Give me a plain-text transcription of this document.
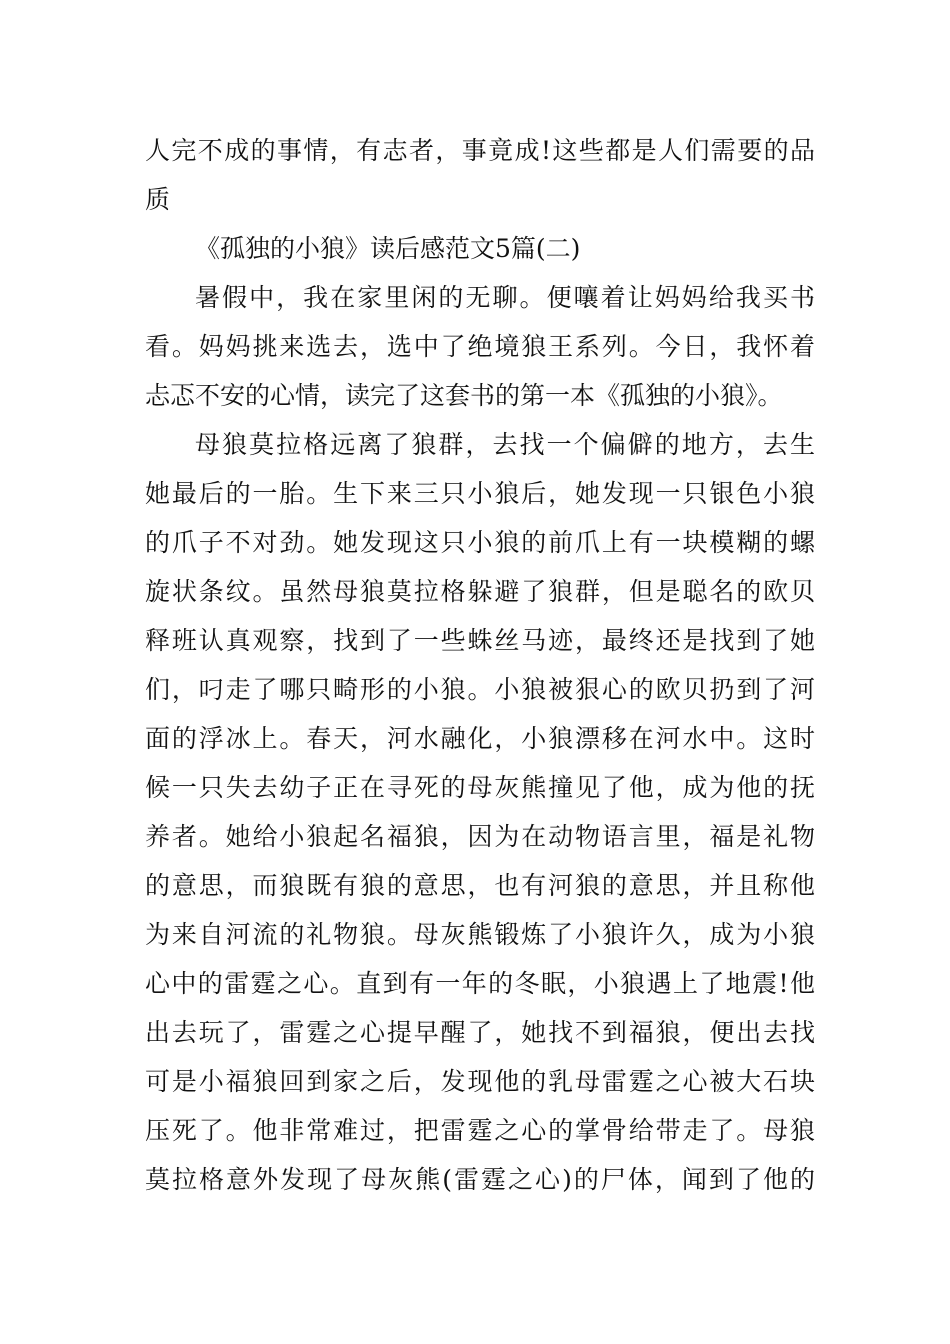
人完不成的事情，有志者，事竟成!这些都是人们需要的品
质
《孤独的小狼》读后感范文5篇(二)
暑假中，我在家里闲的无聊。便嚷着让妈妈给我买书
看。妈妈挑来选去，选中了绝境狼王系列。今日，我怀着
忐忑不安的心情，读完了这套书的第一本《孤独的小狼》。
母狼莫拉格远离了狼群，去找一个偏僻的地方，去生
她最后的一胎。生下来三只小狼后，她发现一只银色小狼
的爪子不对劲。她发现这只小狼的前爪上有一块模糊的螺
旋状条纹。虽然母狼莫拉格躲避了狼群，但是聪名的欧贝
释班认真观察，找到了一些蛛丝马迹，最终还是找到了她
们，叼走了哪只畸形的小狼。小狼被狠心的欧贝扔到了河
面的浮冰上。春天，河水融化，小狼漂移在河水中。这时
候一只失去幼子正在寻死的母灰熊撞见了他，成为他的抚
养者。她给小狼起名福狼，因为在动物语言里，福是礼物
的意思，而狼既有狼的意思，也有河狼的意思，并且称他
为来自河流的礼物狼。母灰熊锻炼了小狼许久，成为小狼
心中的雷霆之心。直到有一年的冬眠，小狼遇上了地震!他
出去玩了，雷霆之心提早醒了，她找不到福狼，便出去找
可是小福狼回到家之后，发现他的乳母雷霆之心被大石块
压死了。他非常难过，把雷霆之心的掌骨给带走了。母狼
莫拉格意外发现了母灰熊(雷霆之心)的尸体，闻到了他的
